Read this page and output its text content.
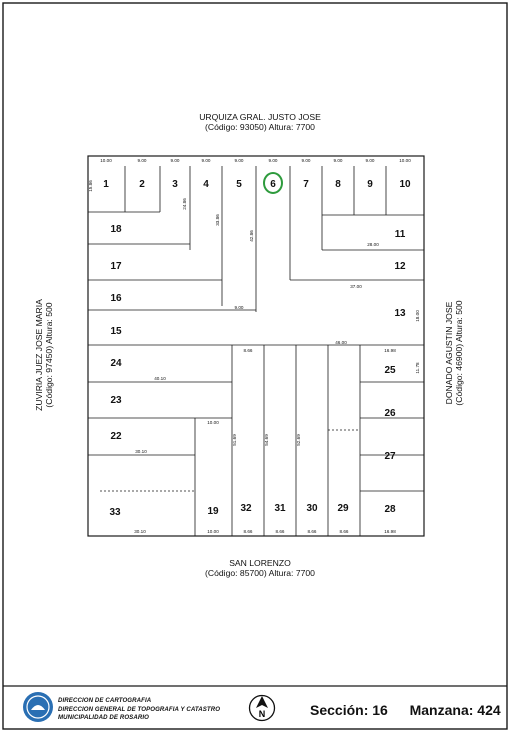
URQUIZA GRAL. JUSTO JOSE
(Código: 93050) Altura: 7700
SAN LORENZO
(Código: 85700) Altura: 7700
ZUVIRIA JUEZ JOSE MARIA (Código: 97450) Altura: 500	DONADO AGUSTIN JOSE (Código: 46900) Altura: 500
1	2	3	4	5	6	7	8	9	10
11
12
13
15
16
17
18
19
22
23
24
25
26
27
28
29
30
31
32
33
10.00	9.00	9.00	9.00	9.00	9.00	9.00	9.00	9.00	10.00
30.10	10.00	8.66	8.66	8.66	8.66	16.98
15.86
24.86
33.86
42.86
28.00
37.00
46.00
40.10
30.10
51.69	54.69	52.69
16.98
11.78
18.00
10.00
8.66
9.00
DIRECCION DE CARTOGRAFIA
DIRECCION GENERAL DE TOPOGRAFIA Y CATASTRO
MUNICIPALIDAD DE ROSARIO	N	Sección: 16 Manzana: 424
